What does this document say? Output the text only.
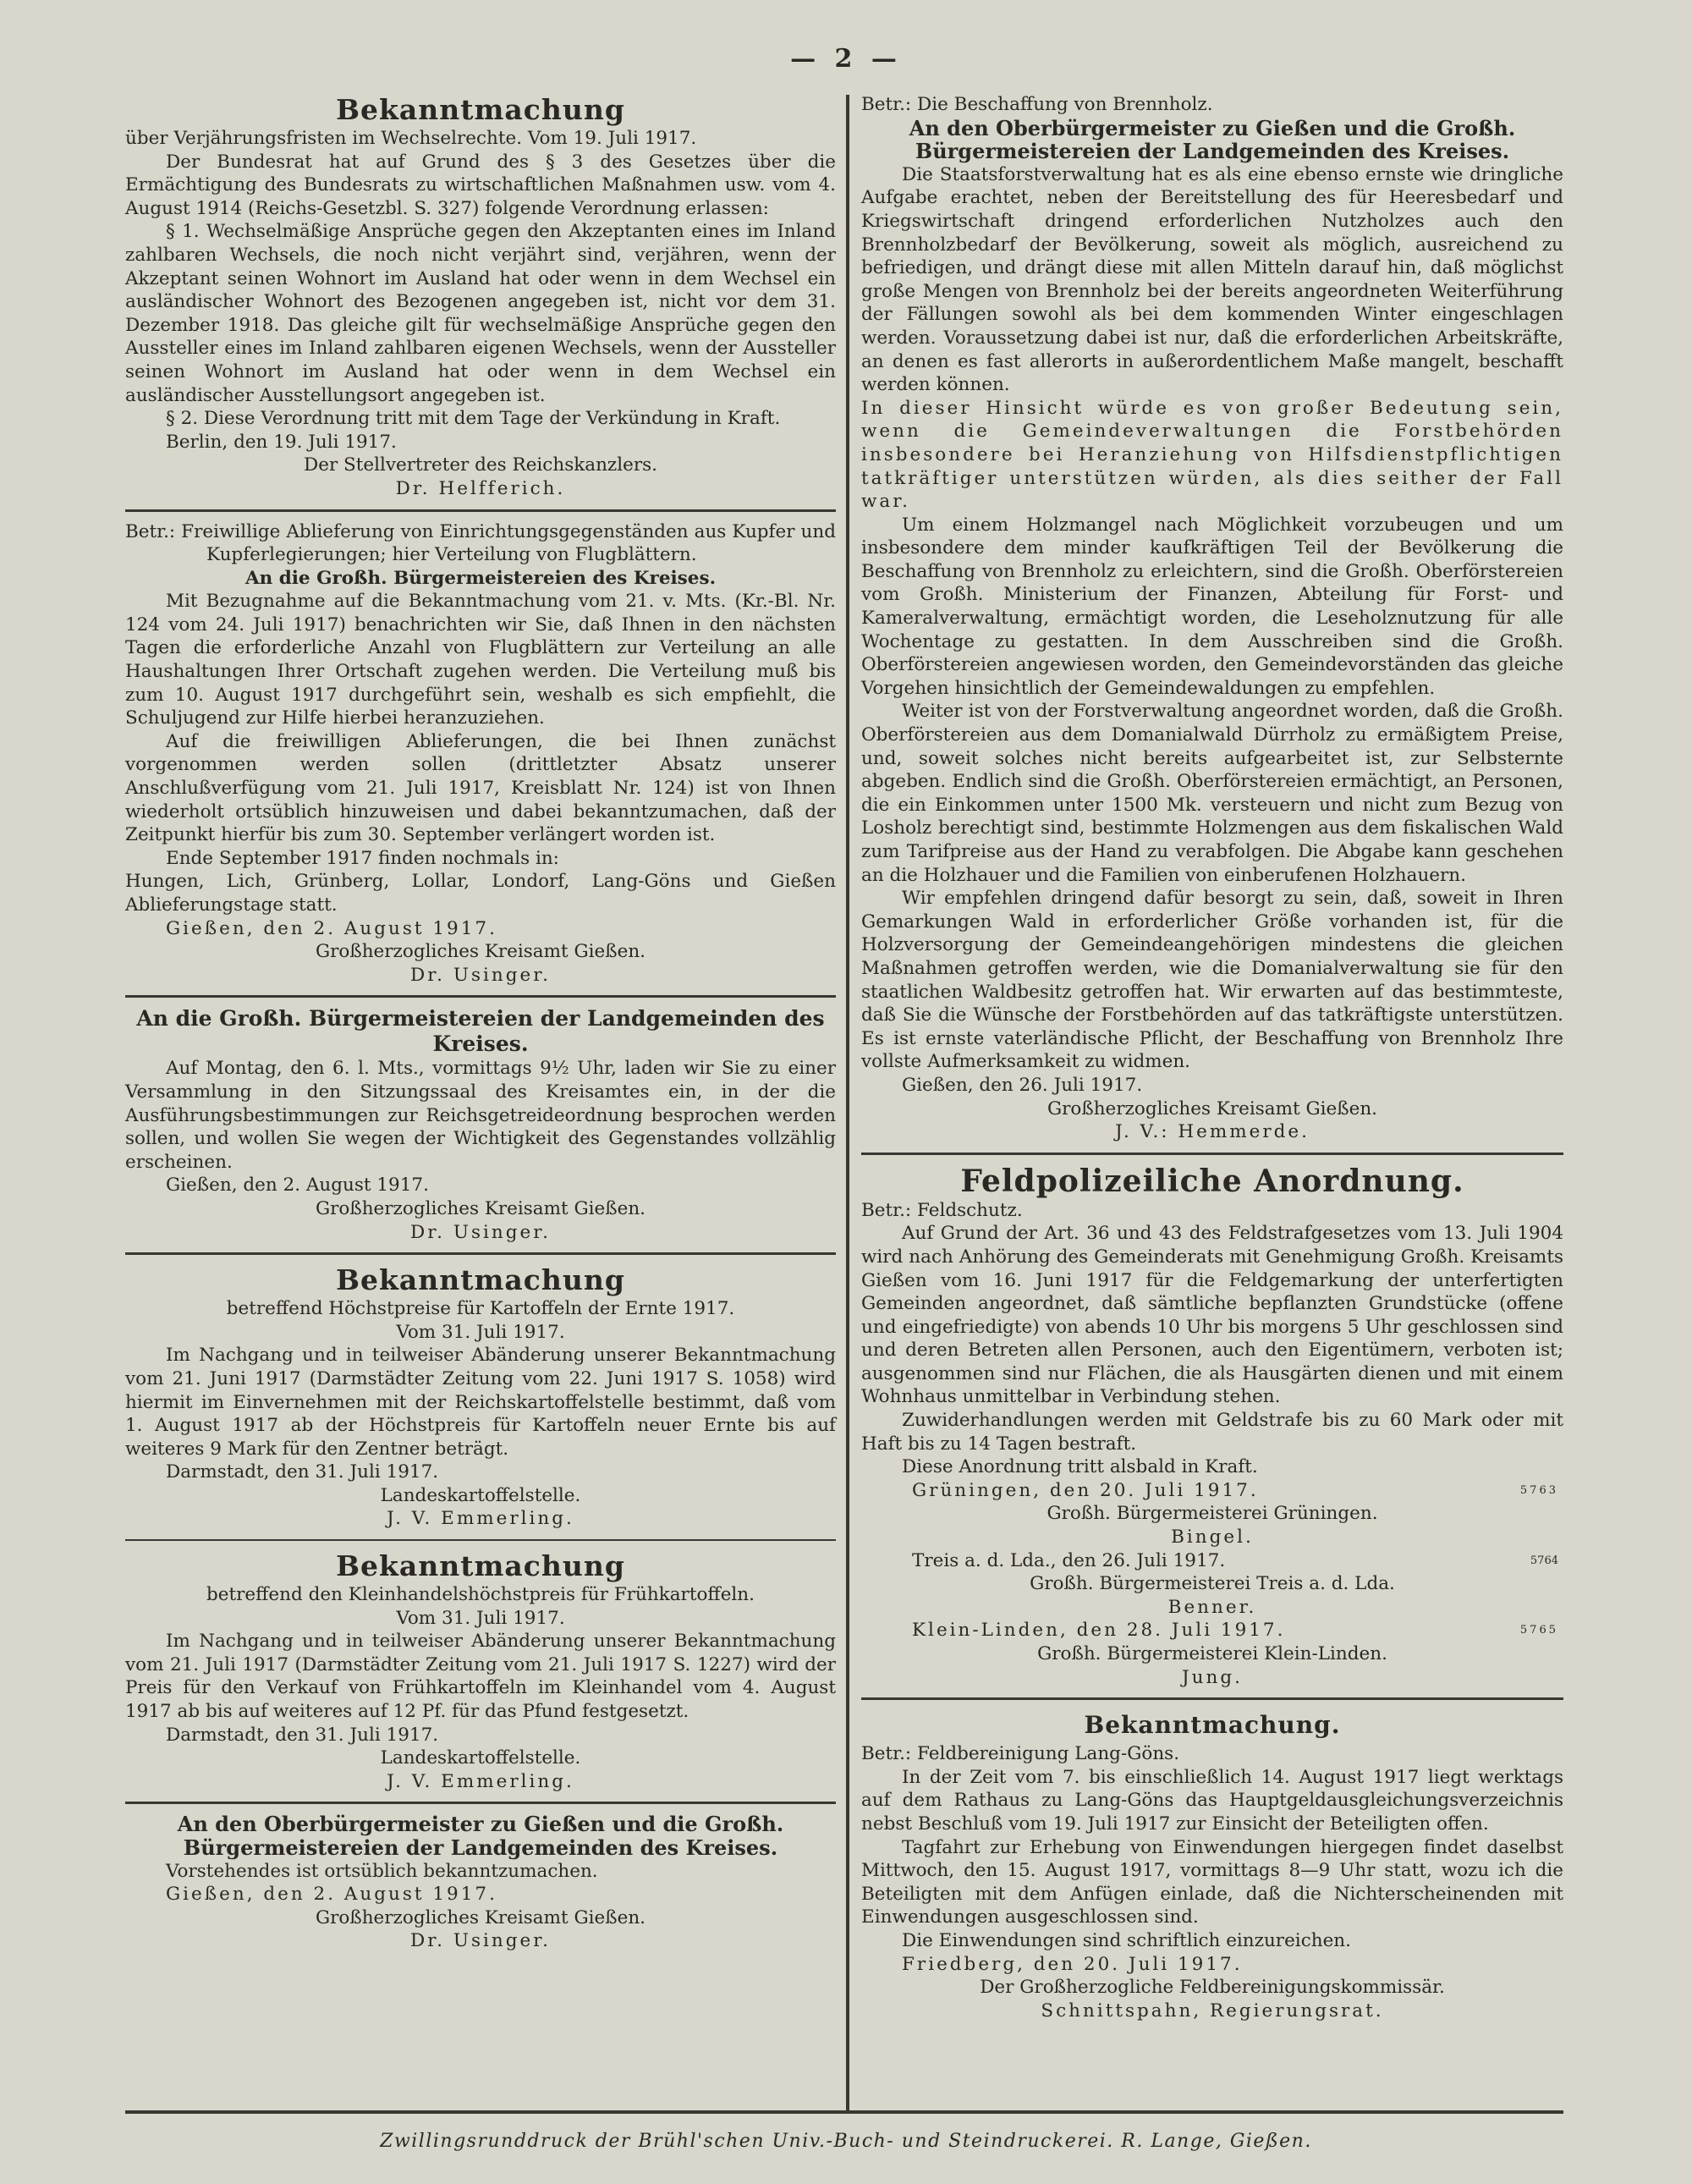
— 2 —

Bekanntmachung

über Verjährungsfristen im Wechselrechte. Vom 19. Juli 1917.

Der Bundesrat hat auf Grund des § 3 des Gesetzes über die Ermächtigung des Bundesrats zu wirtschaftlichen Maßnahmen usw. vom 4. August 1914 (Reichs-Gesetzbl. S. 327) folgende Verordnung erlassen:

§ 1. Wechselmäßige Ansprüche gegen den Akzeptanten eines im Inland zahlbaren Wechsels, die noch nicht verjährt sind, verjähren, wenn der Akzeptant seinen Wohnort im Ausland hat oder wenn in dem Wechsel ein ausländischer Wohnort des Bezogenen angegeben ist, nicht vor dem 31. Dezember 1918. Das gleiche gilt für wechselmäßige Ansprüche gegen den Aussteller eines im Inland zahlbaren eigenen Wechsels, wenn der Aussteller seinen Wohnort im Ausland hat oder wenn in dem Wechsel ein ausländischer Ausstellungsort angegeben ist.

§ 2. Diese Verordnung tritt mit dem Tage der Verkündung in Kraft.

Berlin, den 19. Juli 1917.

Der Stellvertreter des Reichskanzlers.

Dr. Helfferich.

Betr.: Freiwillige Ablieferung von Einrichtungsgegenständen aus Kupfer und Kupferlegierungen; hier Verteilung von Flugblättern.

An die Großh. Bürgermeistereien des Kreises.

Mit Bezugnahme auf die Bekanntmachung vom 21. v. Mts. (Kr.-Bl. Nr. 124 vom 24. Juli 1917) benachrichten wir Sie, daß Ihnen in den nächsten Tagen die erforderliche Anzahl von Flugblättern zur Verteilung an alle Haushaltungen Ihrer Ortschaft zugehen werden. Die Verteilung muß bis zum 10. August 1917 durchgeführt sein, weshalb es sich empfiehlt, die Schuljugend zur Hilfe hierbei heranzuziehen.

Auf die freiwilligen Ablieferungen, die bei Ihnen zunächst vorgenommen werden sollen (drittletzter Absatz unserer Anschlußverfügung vom 21. Juli 1917, Kreisblatt Nr. 124) ist von Ihnen wiederholt ortsüblich hinzuweisen und dabei bekanntzumachen, daß der Zeitpunkt hierfür bis zum 30. September verlängert worden ist.

Ende September 1917 finden nochmals in:

Hungen, Lich, Grünberg, Lollar, Londorf, Lang-Göns und Gießen Ablieferungstage statt.

Gießen, den 2. August 1917.

Großherzogliches Kreisamt Gießen.

Dr. Usinger.

An die Großh. Bürgermeistereien der Landgemeinden des Kreises.

Auf Montag, den 6. l. Mts., vormittags 9½ Uhr, laden wir Sie zu einer Versammlung in den Sitzungssaal des Kreisamtes ein, in der die Ausführungsbestimmungen zur Reichsgetreideordnung besprochen werden sollen, und wollen Sie wegen der Wichtigkeit des Gegenstandes vollzählig erscheinen.

Gießen, den 2. August 1917.

Großherzogliches Kreisamt Gießen.

Dr. Usinger.

Bekanntmachung

betreffend Höchstpreise für Kartoffeln der Ernte 1917.

Vom 31. Juli 1917.

Im Nachgang und in teilweiser Abänderung unserer Bekanntmachung vom 21. Juni 1917 (Darmstädter Zeitung vom 22. Juni 1917 S. 1058) wird hiermit im Einvernehmen mit der Reichskartoffelstelle bestimmt, daß vom 1. August 1917 ab der Höchstpreis für Kartoffeln neuer Ernte bis auf weiteres 9 Mark für den Zentner beträgt.

Darmstadt, den 31. Juli 1917.

Landeskartoffelstelle.

J. V. Emmerling.

Bekanntmachung

betreffend den Kleinhandelshöchstpreis für Frühkartoffeln.

Vom 31. Juli 1917.

Im Nachgang und in teilweiser Abänderung unserer Bekanntmachung vom 21. Juli 1917 (Darmstädter Zeitung vom 21. Juli 1917 S. 1227) wird der Preis für den Verkauf von Frühkartoffeln im Kleinhandel vom 4. August 1917 ab bis auf weiteres auf 12 Pf. für das Pfund festgesetzt.

Darmstadt, den 31. Juli 1917.

Landeskartoffelstelle.

J. V. Emmerling.

An den Oberbürgermeister zu Gießen und die Großh.

Bürgermeistereien der Landgemeinden des Kreises.

Vorstehendes ist ortsüblich bekanntzumachen.

Gießen, den 2. August 1917.

Großherzogliches Kreisamt Gießen.

Dr. Usinger.

Betr.: Die Beschaffung von Brennholz.

An den Oberbürgermeister zu Gießen und die Großh.

Bürgermeistereien der Landgemeinden des Kreises.

Die Staatsforstverwaltung hat es als eine ebenso ernste wie dringliche Aufgabe erachtet, neben der Bereitstellung des für Heeresbedarf und Kriegswirtschaft dringend erforderlichen Nutzholzes auch den Brennholzbedarf der Bevölkerung, soweit als möglich, ausreichend zu befriedigen, und drängt diese mit allen Mitteln darauf hin, daß möglichst große Mengen von Brennholz bei der bereits angeordneten Weiterführung der Fällungen sowohl als bei dem kommenden Winter eingeschlagen werden. Voraussetzung dabei ist nur, daß die erforderlichen Arbeitskräfte, an denen es fast allerorts in außerordentlichem Maße mangelt, beschafft werden können.

In dieser Hinsicht würde es von großer Bedeutung sein, wenn die Gemeindeverwaltungen die Forstbehörden insbesondere bei Heranziehung von Hilfsdienstpflichtigen tatkräftiger unterstützen würden, als dies seither der Fall war.

Um einem Holzmangel nach Möglichkeit vorzubeugen und um insbesondere dem minder kaufkräftigen Teil der Bevölkerung die Beschaffung von Brennholz zu erleichtern, sind die Großh. Oberförstereien vom Großh. Ministerium der Finanzen, Abteilung für Forst- und Kameralverwaltung, ermächtigt worden, die Leseholznutzung für alle Wochentage zu gestatten. In dem Ausschreiben sind die Großh. Oberförstereien angewiesen worden, den Gemeindevorständen das gleiche Vorgehen hinsichtlich der Gemeindewaldungen zu empfehlen.

Weiter ist von der Forstverwaltung angeordnet worden, daß die Großh. Oberförstereien aus dem Domanialwald Dürrholz zu ermäßigtem Preise, und, soweit solches nicht bereits aufgearbeitet ist, zur Selbsternte abgeben. Endlich sind die Großh. Oberförstereien ermächtigt, an Personen, die ein Einkommen unter 1500 Mk. versteuern und nicht zum Bezug von Losholz berechtigt sind, bestimmte Holzmengen aus dem fiskalischen Wald zum Tarifpreise aus der Hand zu verabfolgen. Die Abgabe kann geschehen an die Holzhauer und die Familien von einberufenen Holzhauern.

Wir empfehlen dringend dafür besorgt zu sein, daß, soweit in Ihren Gemarkungen Wald in erforderlicher Größe vorhanden ist, für die Holzversorgung der Gemeindeangehörigen mindestens die gleichen Maßnahmen getroffen werden, wie die Domanialverwaltung sie für den staatlichen Waldbesitz getroffen hat. Wir erwarten auf das bestimmteste, daß Sie die Wünsche der Forstbehörden auf das tatkräftigste unterstützen. Es ist ernste vaterländische Pflicht, der Beschaffung von Brennholz Ihre vollste Aufmerksamkeit zu widmen.

Gießen, den 26. Juli 1917.

Großherzogliches Kreisamt Gießen.

J. V.: Hemmerde.

Feldpolizeiliche Anordnung.

Betr.: Feldschutz.

Auf Grund der Art. 36 und 43 des Feldstrafgesetzes vom 13. Juli 1904 wird nach Anhörung des Gemeinderats mit Genehmigung Großh. Kreisamts Gießen vom 16. Juni 1917 für die Feldgemarkung der unterfertigten Gemeinden angeordnet, daß sämtliche bepflanzten Grundstücke (offene und eingefriedigte) von abends 10 Uhr bis morgens 5 Uhr geschlossen sind und deren Betreten allen Personen, auch den Eigentümern, verboten ist; ausgenommen sind nur Flächen, die als Hausgärten dienen und mit einem Wohnhaus unmittelbar in Verbindung stehen.

Zuwiderhandlungen werden mit Geldstrafe bis zu 60 Mark oder mit Haft bis zu 14 Tagen bestraft.

Diese Anordnung tritt alsbald in Kraft.

Grüningen, den 20. Juli 1917.	5763

Großh. Bürgermeisterei Grüningen.

Bingel.

Treis a. d. Lda., den 26. Juli 1917.	5764

Großh. Bürgermeisterei Treis a. d. Lda.

Benner.

Klein-Linden, den 28. Juli 1917.	5765

Großh. Bürgermeisterei Klein-Linden.

Jung.

Bekanntmachung.

Betr.: Feldbereinigung Lang-Göns.

In der Zeit vom 7. bis einschließlich 14. August 1917 liegt werktags auf dem Rathaus zu Lang-Göns das Hauptgeldausgleichungsverzeichnis nebst Beschluß vom 19. Juli 1917 zur Einsicht der Beteiligten offen.

Tagfahrt zur Erhebung von Einwendungen hiergegen findet daselbst Mittwoch, den 15. August 1917, vormittags 8—9 Uhr statt, wozu ich die Beteiligten mit dem Anfügen einlade, daß die Nichterscheinenden mit Einwendungen ausgeschlossen sind.

Die Einwendungen sind schriftlich einzureichen.

Friedberg, den 20. Juli 1917.

Der Großherzogliche Feldbereinigungskommissär.

Schnittspahn, Regierungsrat.

Zwillingsrunddruck der Brühl'schen Univ.-Buch- und Steindruckerei. R. Lange, Gießen.
